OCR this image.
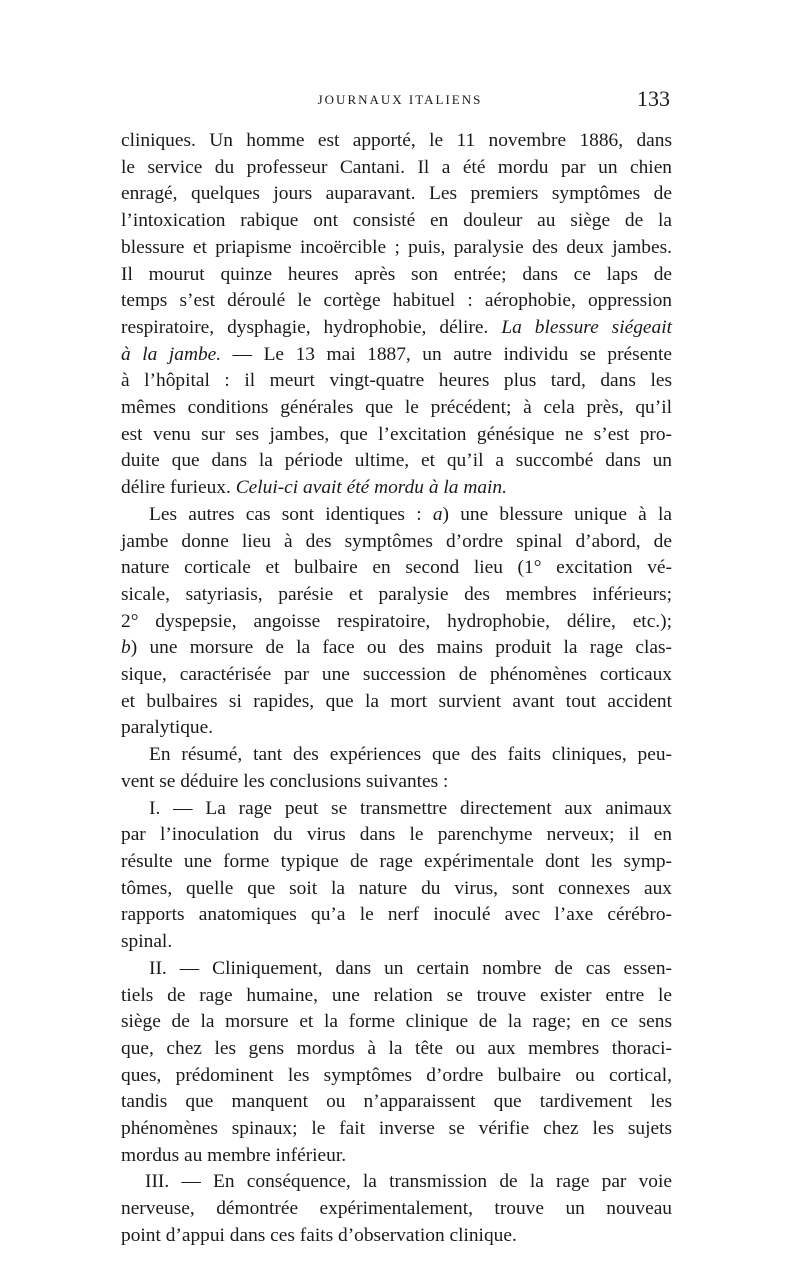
JOURNAUX ITALIENS	133
cliniques. Un homme est apporté, le 11 novembre 1886, dans
le service du professeur Cantani. Il a été mordu par un chien
enragé, quelques jours auparavant. Les premiers symptômes de
l’intoxication rabique ont consisté en douleur au siège de la
blessure et priapisme incoërcible ; puis, paralysie des deux jambes.
Il mourut quinze heures après son entrée; dans ce laps de
temps s’est déroulé le cortège habituel : aérophobie, oppression
respiratoire, dysphagie, hydrophobie, délire. La blessure siégeait
à la jambe. — Le 13 mai 1887, un autre individu se présente
à l’hôpital : il meurt vingt-quatre heures plus tard, dans les
mêmes conditions générales que le précédent; à cela près, qu’il
est venu sur ses jambes, que l’excitation génésique ne s’est pro-
duite que dans la période ultime, et qu’il a succombé dans un
délire furieux. Celui-ci avait été mordu à la main.
Les autres cas sont identiques : a) une blessure unique à la
jambe donne lieu à des symptômes d’ordre spinal d’abord, de
nature corticale et bulbaire en second lieu (1° excitation vé-
sicale, satyriasis, parésie et paralysie des membres inférieurs;
2° dyspepsie, angoisse respiratoire, hydrophobie, délire, etc.);
b) une morsure de la face ou des mains produit la rage clas-
sique, caractérisée par une succession de phénomènes corticaux
et bulbaires si rapides, que la mort survient avant tout accident
paralytique.
En résumé, tant des expériences que des faits cliniques, peu-
vent se déduire les conclusions suivantes :
I. — La rage peut se transmettre directement aux animaux
par l’inoculation du virus dans le parenchyme nerveux; il en
résulte une forme typique de rage expérimentale dont les symp-
tômes, quelle que soit la nature du virus, sont connexes aux
rapports anatomiques qu’a le nerf inoculé avec l’axe cérébro-
spinal.
II. — Cliniquement, dans un certain nombre de cas essen-
tiels de rage humaine, une relation se trouve exister entre le
siège de la morsure et la forme clinique de la rage; en ce sens
que, chez les gens mordus à la tête ou aux membres thoraci-
ques, prédominent les symptômes d’ordre bulbaire ou cortical,
tandis que manquent ou n’apparaissent que tardivement les
phénomènes spinaux; le fait inverse se vérifie chez les sujets
mordus au membre inférieur.
III. — En conséquence, la transmission de la rage par voie
nerveuse, démontrée expérimentalement, trouve un nouveau
point d’appui dans ces faits d’observation clinique.
